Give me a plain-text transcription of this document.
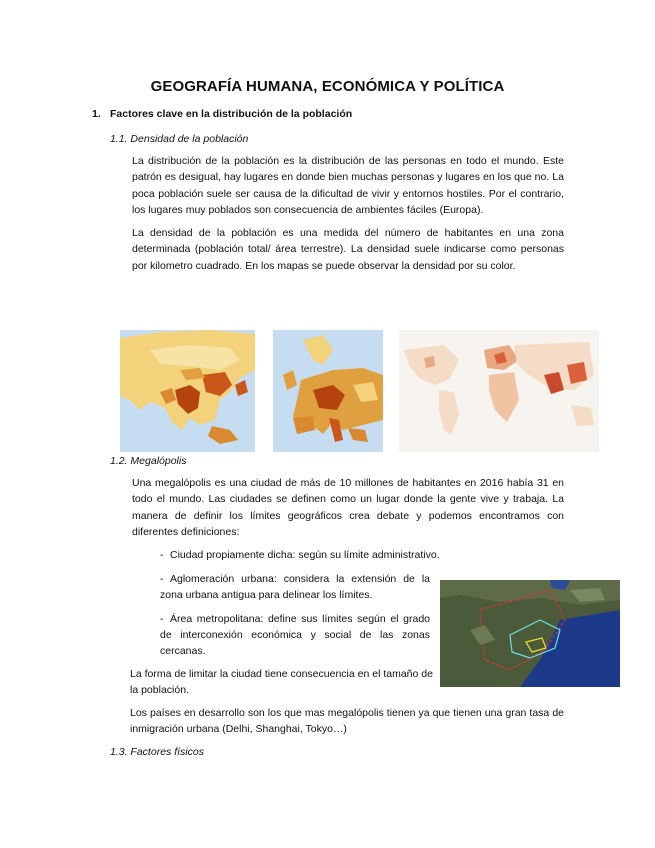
GEOGRAFÍA HUMANA, ECONÓMICA Y POLÍTICA
1. Factores clave en la distribución de la población
1.1. Densidad de la población

La distribución de la población es la distribución de las personas en todo el mundo. Este patrón es desigual, hay lugares en donde bien muchas personas y lugares en los que no. La poca población suele ser causa de la dificultad de vivir y entornos hostiles. Por el contrario, los lugares muy poblados son consecuencia de ambientes fáciles (Europa).

La densidad de la población es una medida del número de habitantes en una zona determinada (población total/ área terrestre). La densidad suele indicarse como personas por kilometro cuadrado. En los mapas se puede observar la densidad por su color.

1.2. Megalópolis

Una megalópolis es una ciudad de más de 10 millones de habitantes en 2016 había 31 en todo el mundo. Las ciudades se definen como un lugar donde la gente vive y trabaja. La manera de definir los límites geográficos crea debate y podemos encontramos con diferentes definiciones:

- Ciudad propiamente dicha: según su límite administrativo.

- Aglomeración urbana: considera la extensión de la zona urbana antigua para delinear los límites.

- Área metropolitana: define sus límites según el grado de interconexión económica y social de las zonas cercanas.

La forma de limitar la ciudad tiene consecuencia en el tamaño de la población.

Los países en desarrollo son los que mas megalópolis tienen ya que tienen una gran tasa de inmigración urbana (Delhi, Shanghai, Tokyo…)

1.3. Factores físicos
